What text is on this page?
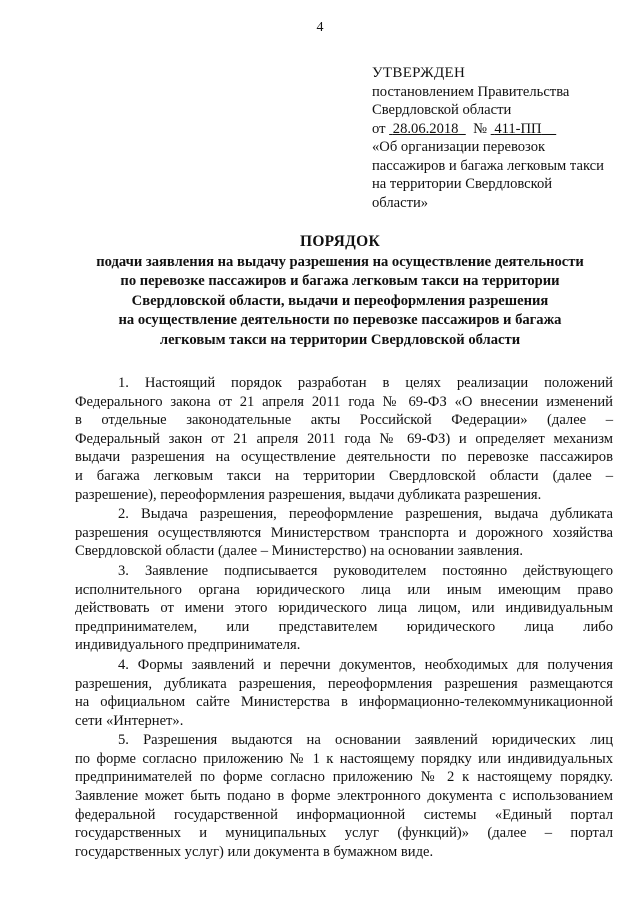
4
УТВЕРЖДЕН
постановлением Правительства
Свердловской области
от 28.06.2018 № 411-ПП
«Об организации перевозок
пассажиров и багажа легковым такси
на территории Свердловской
области»
ПОРЯДОК
подачи заявления на выдачу разрешения на осуществление деятельности
по перевозке пассажиров и багажа легковым такси на территории
Свердловской области, выдачи и переоформления разрешения
на осуществление деятельности по перевозке пассажиров и багажа
легковым такси на территории Свердловской области
1. Настоящий порядок разработан в целях реализации положений
Федерального закона от 21 апреля 2011 года № 69-ФЗ «О внесении изменений
в отдельные законодательные акты Российской Федерации» (далее –
Федеральный закон от 21 апреля 2011 года № 69-ФЗ) и определяет механизм
выдачи разрешения на осуществление деятельности по перевозке пассажиров
и багажа легковым такси на территории Свердловской области (далее –
разрешение), переоформления разрешения, выдачи дубликата разрешения.
2. Выдача разрешения, переоформление разрешения, выдача дубликата
разрешения осуществляются Министерством транспорта и дорожного хозяйства
Свердловской области (далее – Министерство) на основании заявления.
3. Заявление подписывается руководителем постоянно действующего
исполнительного органа юридического лица или иным имеющим право
действовать от имени этого юридического лица лицом, или индивидуальным
предпринимателем, или представителем юридического лица либо
индивидуального предпринимателя.
4. Формы заявлений и перечни документов, необходимых для получения
разрешения, дубликата разрешения, переоформления разрешения размещаются
на официальном сайте Министерства в информационно-телекоммуникационной
сети «Интернет».
5. Разрешения выдаются на основании заявлений юридических лиц
по форме согласно приложению № 1 к настоящему порядку или индивидуальных
предпринимателей по форме согласно приложению № 2 к настоящему порядку.
Заявление может быть подано в форме электронного документа с использованием
федеральной государственной информационной системы «Единый портал
государственных и муниципальных услуг (функций)» (далее – портал
государственных услуг) или документа в бумажном виде.
